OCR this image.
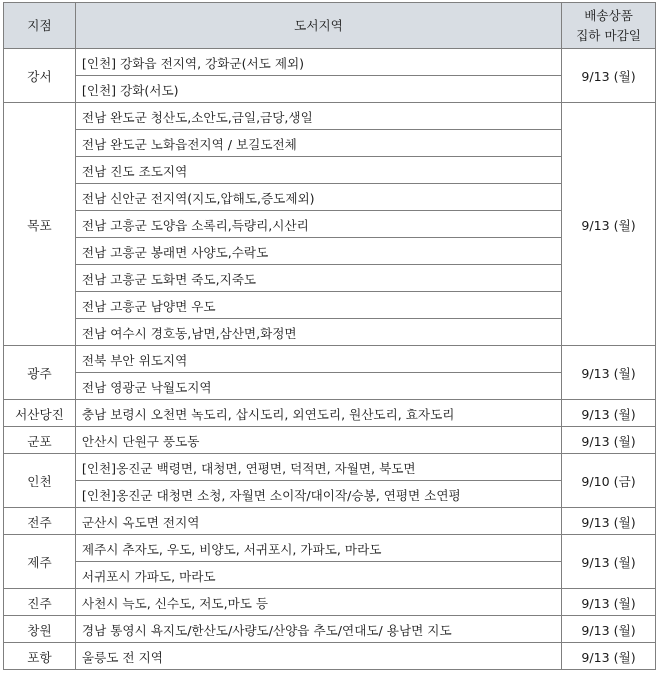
지점	도서지역	배송상품
집하 마감일

강서	[인천] 강화읍 전지역, 강화군(서도 제외)	9/13 (월)
	[인천] 강화(서도)	
목포	전남 완도군 청산도,소안도,금일,금당,생일	9/13 (월)
	전남 완도군 노화읍전지역 / 보길도전체	
	전남 진도 조도지역	
	전남 신안군 전지역(지도,압해도,증도제외)	
	전남 고흥군 도양읍 소록리,득량리,시산리	
	전남 고흥군 봉래면 사양도,수락도	
	전남 고흥군 도화면 죽도,지죽도	
	전남 고흥군 남양면 우도	
	전남 여수시 경호동,남면,삼산면,화정면	
광주	전북 부안 위도지역	9/13 (월)
	전남 영광군 낙월도지역	
서산당진	충남 보령시 오천면 녹도리, 삽시도리, 외연도리, 원산도리, 효자도리	9/13 (월)
군포	안산시 단원구 풍도동	9/13 (월)
인천	[인천]옹진군 백령면, 대청면, 연평면, 덕적면, 자월면, 북도면	9/10 (금)
	[인천]옹진군 대청면 소청, 자월면 소이작/대이작/승봉, 연평면 소연평	
전주	군산시 옥도면 전지역	9/13 (월)
제주	제주시 추자도, 우도, 비양도, 서귀포시, 가파도, 마라도	9/13 (월)
	서귀포시 가파도, 마라도	
진주	사천시 늑도, 신수도, 저도,마도 등	9/13 (월)
창원	경남 통영시 욕지도/한산도/사량도/산양읍 추도/연대도/ 용남면 지도	9/13 (월)
포항	울릉도 전 지역	9/13 (월)
